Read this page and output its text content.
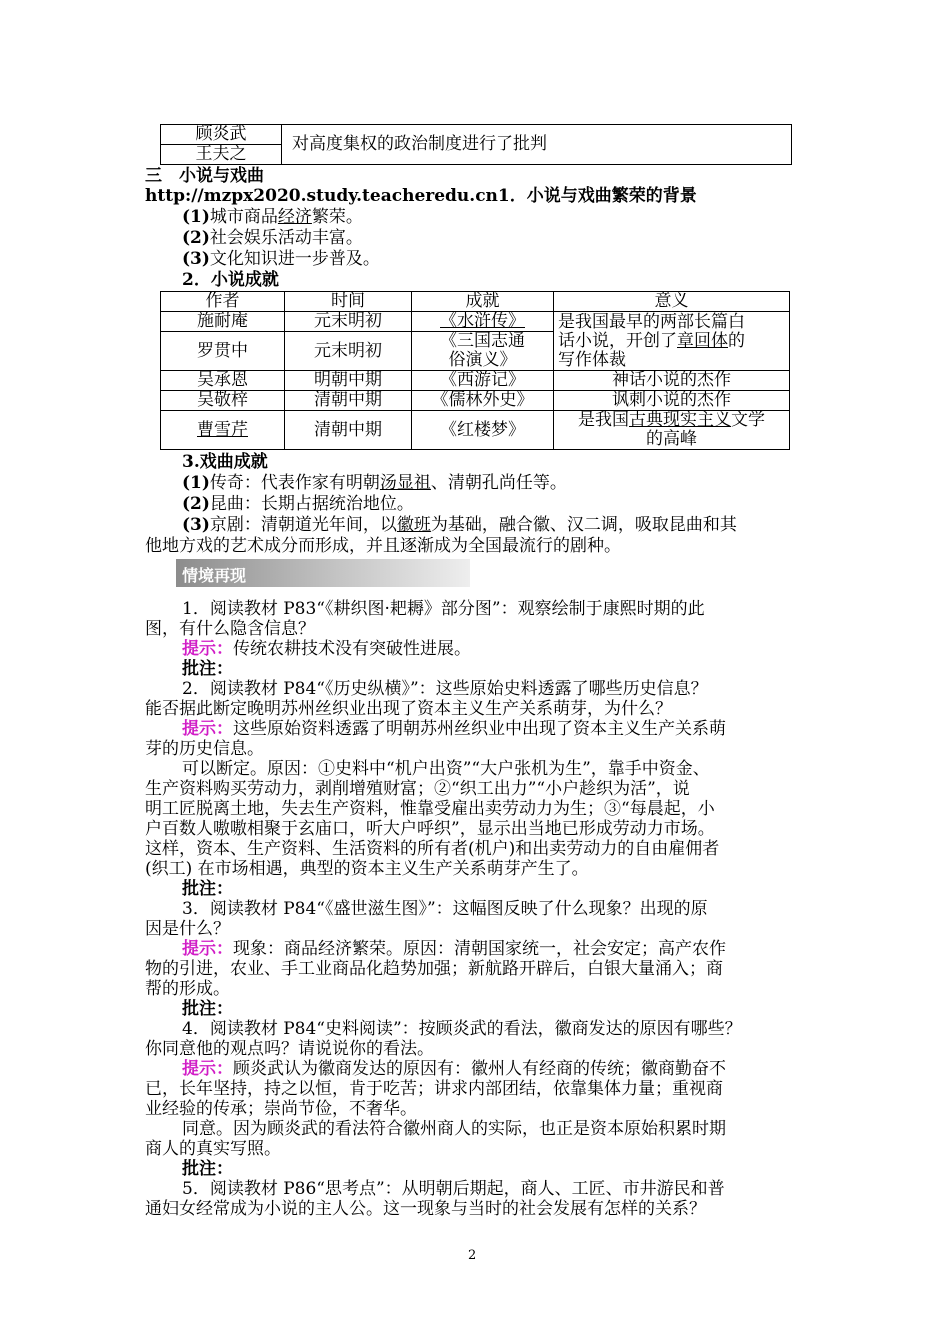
顾炎武	对高度集权的政治制度进行了批判
王夫之
三　小说与戏曲
http://mzpx2020.study.teacheredu.cn1．小说与戏曲繁荣的背景
(1)城市商品经济繁荣。
(2)社会娱乐活动丰富。
(3)文化知识进一步普及。
2．小说成就
作者	时间	成就	意义
施耐庵	元末明初	《水浒传》	是我国最早的两部长篇白
话小说，开创了章回体的
写作体裁

罗贯中	元末明初	《三国志通
俗演义》	

吴承恩	明朝中期	《西游记》	神话小说的杰作
吴敬梓	清朝中期	《儒林外史》	讽刺小说的杰作
曹雪芹	清朝中期	《红楼梦》	是我国古典现实主义文学
的高峰
3.戏曲成就
(1)传奇：代表作家有明朝汤显祖、清朝孔尚任等。
(2)昆曲：长期占据统治地位。
(3)京剧：清朝道光年间，以徽班为基础，融合徽、汉二调，吸取昆曲和其
他地方戏的艺术成分而形成，并且逐渐成为全国最流行的剧种。
情境再现
1．阅读教材 P83“《耕织图·耙耨》部分图”：观察绘制于康熙时期的此
图，有什么隐含信息？
提示：传统农耕技术没有突破性进展。
批注：
2．阅读教材 P84“《历史纵横》”：这些原始史料透露了哪些历史信息？
能否据此断定晚明苏州丝织业出现了资本主义生产关系萌芽，为什么？
提示：这些原始资料透露了明朝苏州丝织业中出现了资本主义生产关系萌
芽的历史信息。
可以断定。原因：①史料中“机户出资”“大户张机为生”，靠手中资金、
生产资料购买劳动力，剥削增殖财富；②“织工出力”“小户趁织为活”，说
明工匠脱离土地，失去生产资料，惟靠受雇出卖劳动力为生；③“每晨起，小
户百数人嗷嗷相聚于玄庙口，听大户呼织”，显示出当地已形成劳动力市场。
这样，资本、生产资料、生活资料的所有者(机户)和出卖劳动力的自由雇佣者
(织工) 在市场相遇，典型的资本主义生产关系萌芽产生了。
批注：
3．阅读教材 P84“《盛世滋生图》”：这幅图反映了什么现象？出现的原
因是什么？
提示：现象：商品经济繁荣。原因：清朝国家统一，社会安定；高产农作
物的引进，农业、手工业商品化趋势加强；新航路开辟后，白银大量涌入；商
帮的形成。
批注：
4．阅读教材 P84“史料阅读”：按顾炎武的看法，徽商发达的原因有哪些？
你同意他的观点吗？请说说你的看法。
提示：顾炎武认为徽商发达的原因有：徽州人有经商的传统；徽商勤奋不
已，长年坚持，持之以恒，肯于吃苦；讲求内部团结，依靠集体力量；重视商
业经验的传承；崇尚节俭，不奢华。
同意。因为顾炎武的看法符合徽州商人的实际，也正是资本原始积累时期
商人的真实写照。
批注：
5．阅读教材 P86“思考点”：从明朝后期起，商人、工匠、市井游民和普
通妇女经常成为小说的主人公。这一现象与当时的社会发展有怎样的关系？
2
